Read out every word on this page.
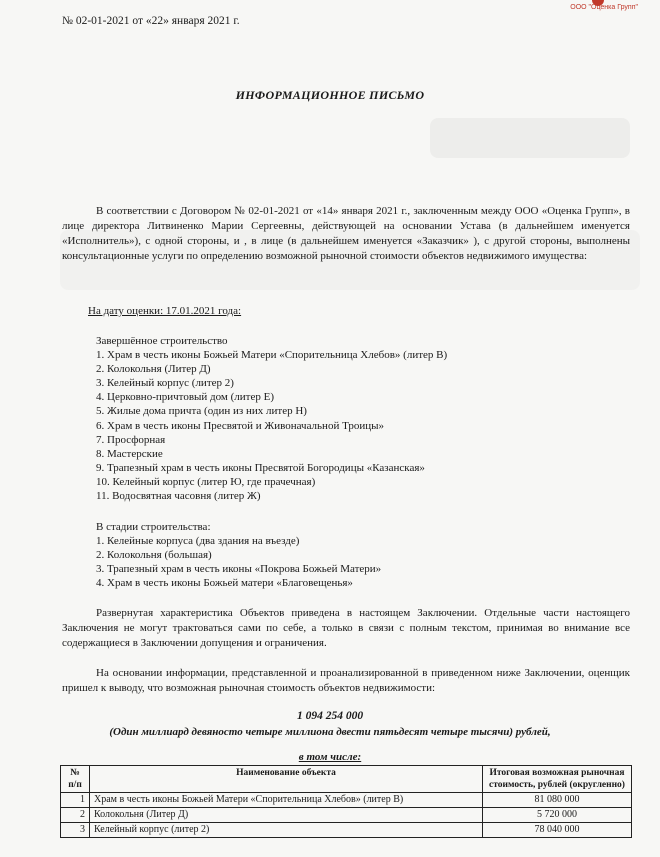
ООО "Оценка Групп"
№ 02-01-2021 от «22» января 2021 г.
ИНФОРМАЦИОННОЕ ПИСЬМО

В соответствии с Договором № 02-01-2021 от «14» января 2021 г., заключенным между ООО «Оценка Групп», в лице директора Литвиненко Марии Сергеевны, действующей на основании Устава (в дальнейшем именуется «Исполнитель»), с одной стороны, и , в лице (в дальнейшем именуется «Заказчик» ), с другой стороны, выполнены консультационные услуги по определению возможной рыночной стоимости объектов недвижимого имущества:

На дату оценки: 17.01.2021 года:
Завершённое строительство
1. Храм в честь иконы Божьей Матери «Спорительница Хлебов» (литер В)
2. Колокольня (Литер Д)
3. Келейный корпус (литер 2)
4. Церковно-причтовый дом (литер Е)
5. Жилые дома причта (один из них литер Н)
6. Храм в честь иконы Пресвятой и Живоначальной Троицы»
7. Просфорная
8. Мастерские
9. Трапезный храм в честь иконы Пресвятой Богородицы «Казанская»
10. Келейный корпус (литер Ю, где прачечная)
11. Водосвятная часовня (литер Ж)
В стадии строительства:
1. Келейные корпуса (два здания на въезде)
2. Колокольня (большая)
3. Трапезный храм в честь иконы «Покрова Божьей Матери»
4. Храм в честь иконы Божьей матери «Благовещенья»

Развернутая характеристика Объектов приведена в настоящем Заключении. Отдельные части настоящего Заключения не могут трактоваться сами по себе, а только в связи с полным текстом, принимая во внимание все содержащиеся в Заключении допущения и ограничения.

На основании информации, представленной и проанализированной в приведенном ниже Заключении, оценщик пришел к выводу, что возможная рыночная стоимость объектов недвижимости:

1 094 254 000
(Один миллиард девяносто четыре миллиона двести пятьдесят четыре тысячи) рублей,
в том числе:
№ п/п	Наименование объекта	Итоговая возможная рыночная стоимость, рублей (округленно)
1	Храм в честь иконы Божьей Матери «Спорительница Хлебов» (литер В)	81 080 000
2	Колокольня (Литер Д)	5 720 000
3	Келейный корпус (литер 2)	78 040 000
